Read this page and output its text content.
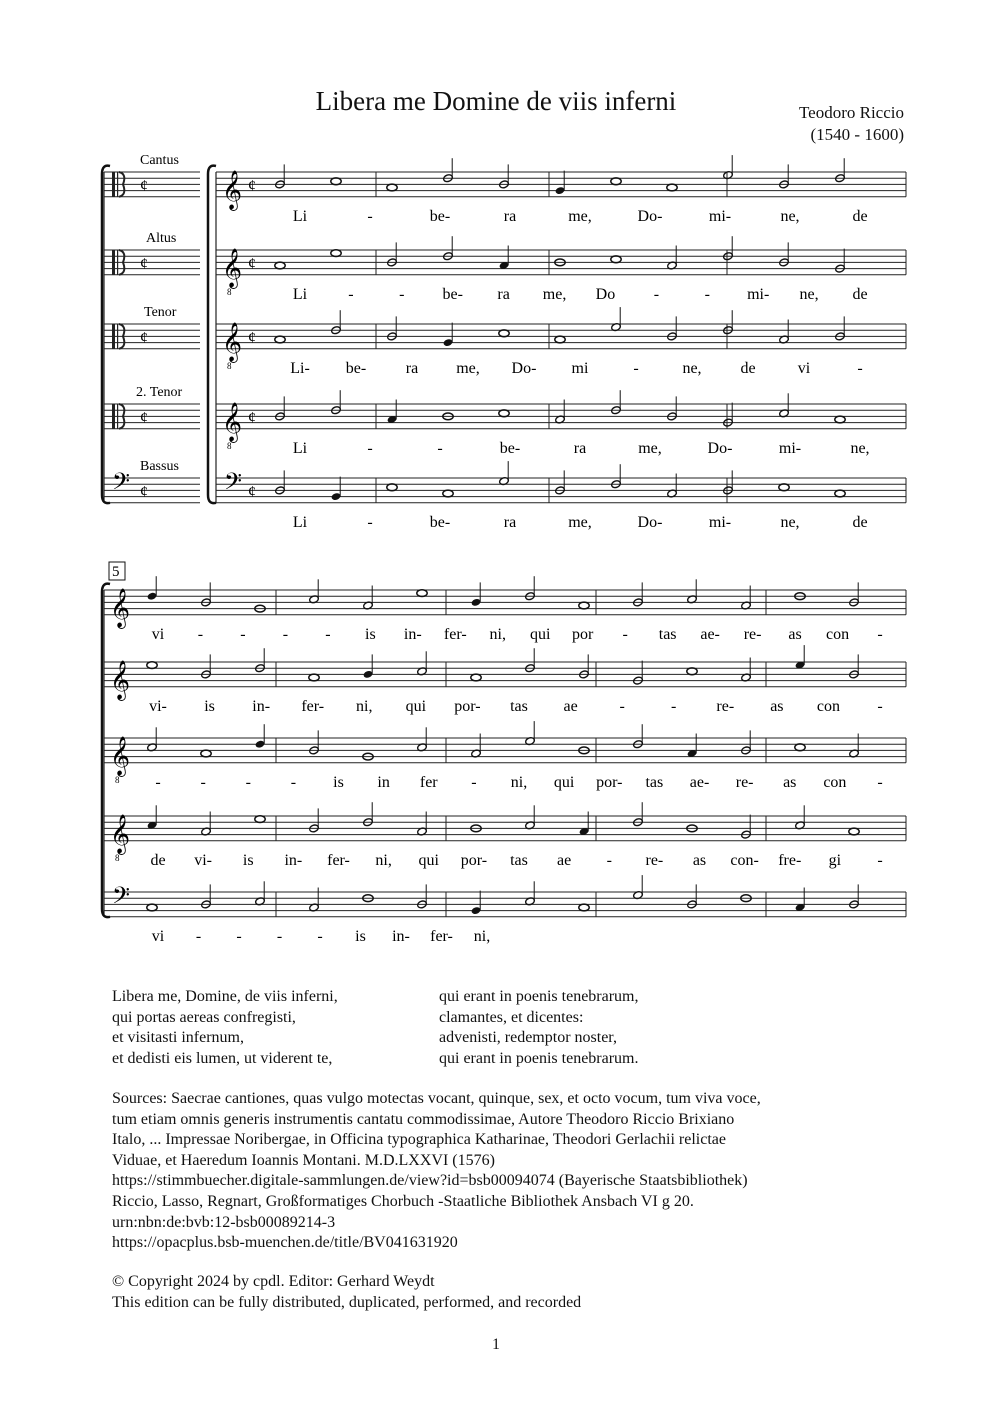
Libera me Domine de viis inferni	Teodoro Riccio
(1540 - 1600)
¢ 𝄞 ¢
¢ 𝄞
8
¢
¢ 𝄞
8
¢
¢ 𝄞
8
¢
𝄢 ¢	𝄢 ¢
𝄞
𝄞
𝄞
8
𝄞
8
𝄢
Li	-	be-	ra	me,	Do-	mi-	ne,	de
Li	-	- be- ra me, Do -	- mi- ne, de
Li- be- ra me, Do- mi	-	ne, de	vi	-
Li	-	-	be-	ra	me,	Do-	mi-	ne,
Li	-	be-	ra	me,	Do-	mi-	ne,	de
vi - - - - is in- fer- ni, qui por - tas ae- re- as con -
vi- is in- fer- ni, qui por- tas ae	-	-	re- as con -
- - - - is in fer - ni, qui por- tas ae- re- as con -
de vi- is in- fer- ni, qui por- tas ae - re- as con- fre- gi -
vi - - - - is in- fer- ni,
Cantus
Altus
Tenor
2. Tenor
Bassus
5
Libera me, Domine, de viis inferni,
qui portas aereas confregisti,
et visitasti infernum,
et dedisti eis lumen, ut viderent te,
qui erant in poenis tenebrarum,
clamantes, et dicentes:
advenisti, redemptor noster,
qui erant in poenis tenebrarum.
Sources: Saecrae cantiones, quas vulgo motectas vocant, quinque, sex, et octo vocum, tum viva voce,
tum etiam omnis generis instrumentis cantatu commodissimae, Autore Theodoro Riccio Brixiano
Italo, ... Impressae Noribergae, in Officina typographica Katharinae, Theodori Gerlachii relictae
Viduae, et Haeredum Ioannis Montani. M.D.LXXVI (1576)
https://stimmbuecher.digitale-sammlungen.de/view?id=bsb00094074 (Bayerische Staatsbibliothek)
Riccio, Lasso, Regnart, Großformatiges Chorbuch -Staatliche Bibliothek Ansbach VI g 20.
urn:nbn:de:bvb:12-bsb00089214-3
https://opacplus.bsb-muenchen.de/title/BV041631920
© Copyright 2024 by cpdl. Editor: Gerhard Weydt
This edition can be fully distributed, duplicated, performed, and recorded
1
